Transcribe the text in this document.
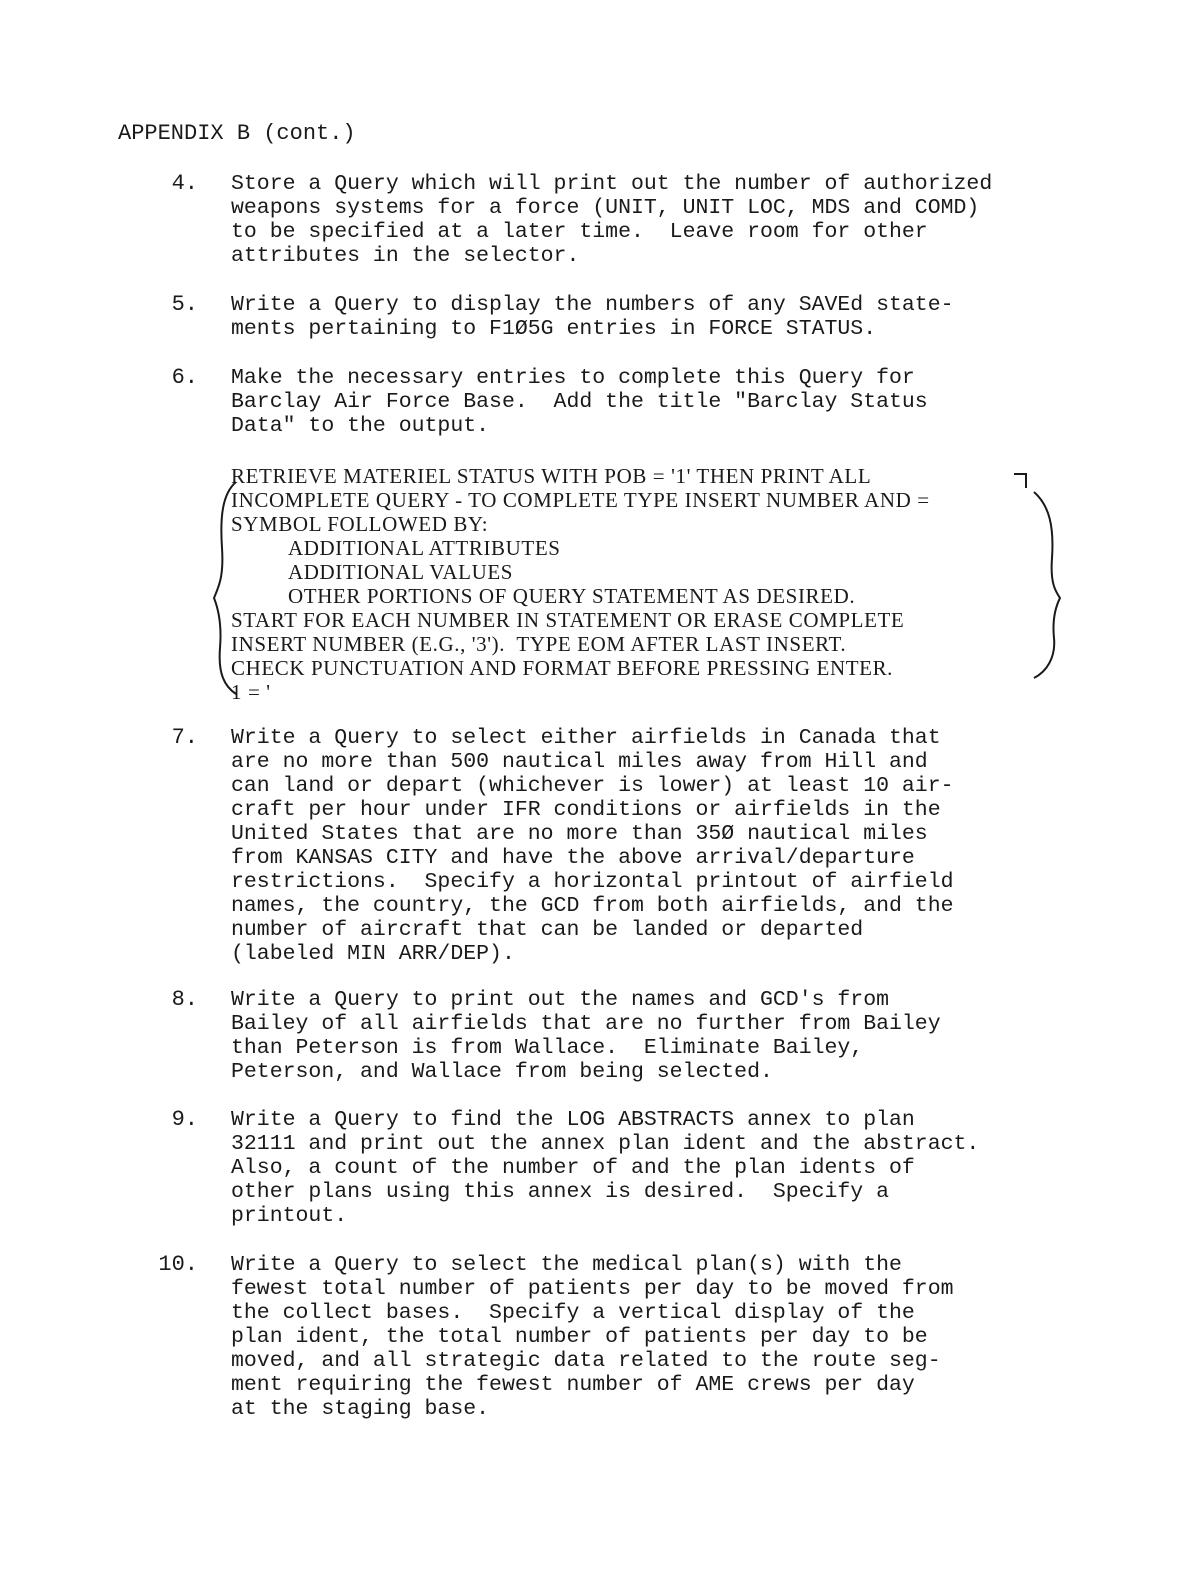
APPENDIX B (cont.)
4. Store a Query which will print out the number of authorized
weapons systems for a force (UNIT, UNIT LOC, MDS and COMD)
to be specified at a later time.  Leave room for other
attributes in the selector.
5. Write a Query to display the numbers of any SAVEd state-
ments pertaining to F1Ø5G entries in FORCE STATUS.
6. Make the necessary entries to complete this Query for
Barclay Air Force Base.  Add the title "Barclay Status
Data" to the output.
RETRIEVE MATERIEL STATUS WITH POB = '1' THEN PRINT ALL
INCOMPLETE QUERY - TO COMPLETE TYPE INSERT NUMBER AND =
SYMBOL FOLLOWED BY:
ADDITIONAL ATTRIBUTES
ADDITIONAL VALUES
OTHER PORTIONS OF QUERY STATEMENT AS DESIRED.
START FOR EACH NUMBER IN STATEMENT OR ERASE COMPLETE
INSERT NUMBER (E.G., '3').  TYPE EOM AFTER LAST INSERT.
CHECK PUNCTUATION AND FORMAT BEFORE PRESSING ENTER.
1 = '
7. Write a Query to select either airfields in Canada that
are no more than 500 nautical miles away from Hill and
can land or depart (whichever is lower) at least 10 air-
craft per hour under IFR conditions or airfields in the
United States that are no more than 35Ø nautical miles
from KANSAS CITY and have the above arrival/departure
restrictions.  Specify a horizontal printout of airfield
names, the country, the GCD from both airfields, and the
number of aircraft that can be landed or departed
(labeled MIN ARR/DEP).
8. Write a Query to print out the names and GCD's from
Bailey of all airfields that are no further from Bailey
than Peterson is from Wallace.  Eliminate Bailey,
Peterson, and Wallace from being selected.
9. Write a Query to find the LOG ABSTRACTS annex to plan
32111 and print out the annex plan ident and the abstract.
Also, a count of the number of and the plan idents of
other plans using this annex is desired.  Specify a
printout.
10. Write a Query to select the medical plan(s) with the
fewest total number of patients per day to be moved from
the collect bases.  Specify a vertical display of the
plan ident, the total number of patients per day to be
moved, and all strategic data related to the route seg-
ment requiring the fewest number of AME crews per day
at the staging base.
